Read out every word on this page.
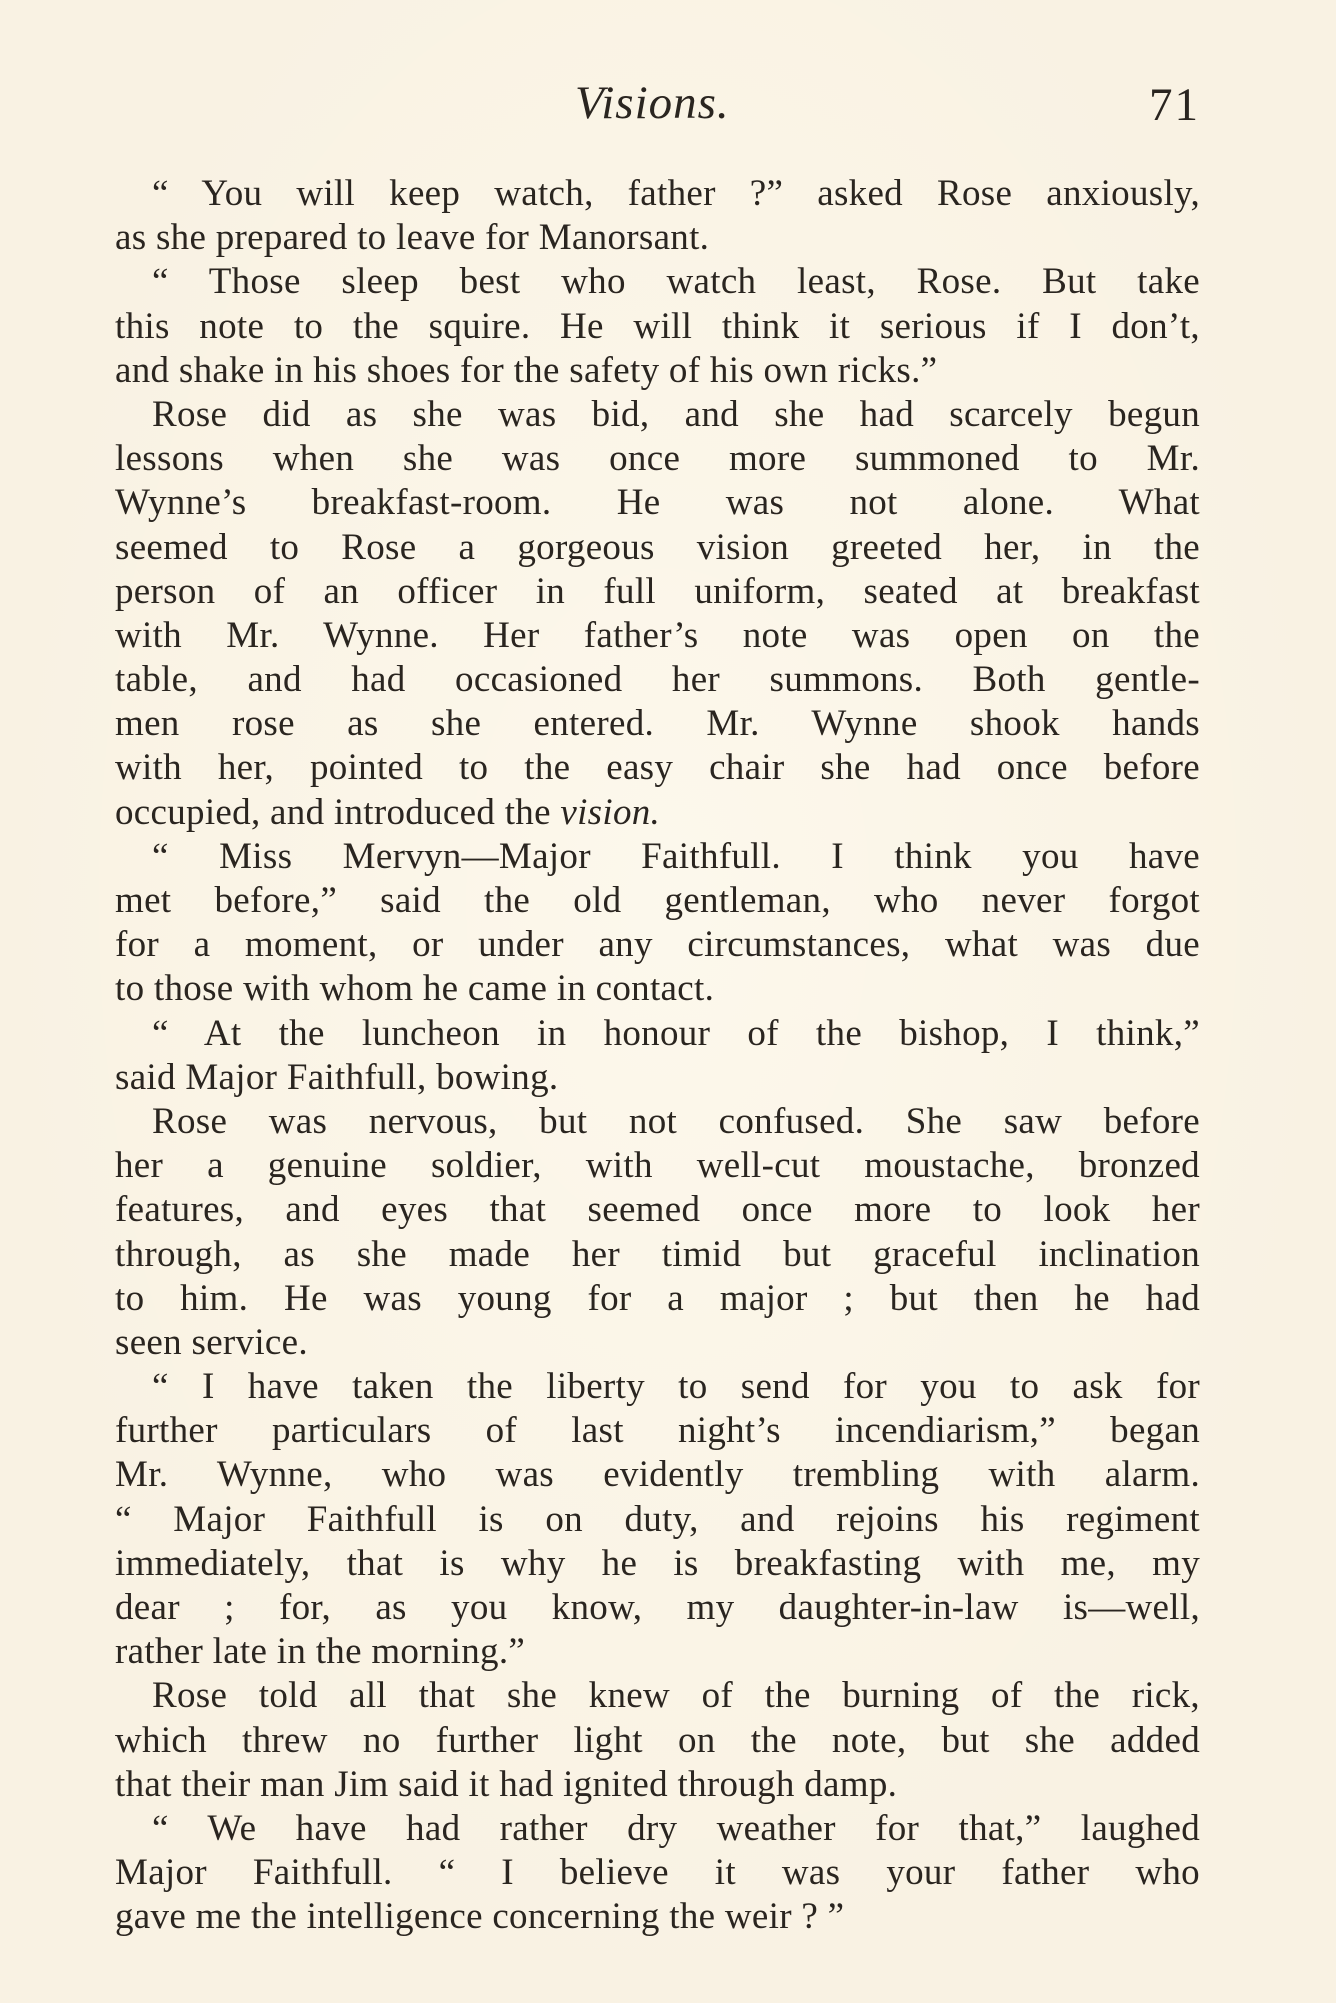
Visions.	71
“ You will keep watch, father ?” asked Rose anxiously,
as she prepared to leave for Manorsant.
“ Those sleep best who watch least, Rose. But take
this note to the squire. He will think it serious if I don’t,
and shake in his shoes for the safety of his own ricks.”
Rose did as she was bid, and she had scarcely begun
lessons when she was once more summoned to Mr.
Wynne’s breakfast-room. He was not alone. What
seemed to Rose a gorgeous vision greeted her, in the
person of an officer in full uniform, seated at breakfast
with Mr. Wynne. Her father’s note was open on the
table, and had occasioned her summons. Both gentle-
men rose as she entered. Mr. Wynne shook hands
with her, pointed to the easy chair she had once before
occupied, and introduced the vision.
“ Miss Mervyn—Major Faithfull. I think you have
met before,” said the old gentleman, who never forgot
for a moment, or under any circumstances, what was due
to those with whom he came in contact.
“ At the luncheon in honour of the bishop, I think,”
said Major Faithfull, bowing.
Rose was nervous, but not confused. She saw before
her a genuine soldier, with well-cut moustache, bronzed
features, and eyes that seemed once more to look her
through, as she made her timid but graceful inclination
to him. He was young for a major ; but then he had
seen service.
“ I have taken the liberty to send for you to ask for
further particulars of last night’s incendiarism,” began
Mr. Wynne, who was evidently trembling with alarm.
“ Major Faithfull is on duty, and rejoins his regiment
immediately, that is why he is breakfasting with me, my
dear ; for, as you know, my daughter-in-law is—well,
rather late in the morning.”
Rose told all that she knew of the burning of the rick,
which threw no further light on the note, but she added
that their man Jim said it had ignited through damp.
“ We have had rather dry weather for that,” laughed
Major Faithfull. “ I believe it was your father who
gave me the intelligence concerning the weir ? ”
